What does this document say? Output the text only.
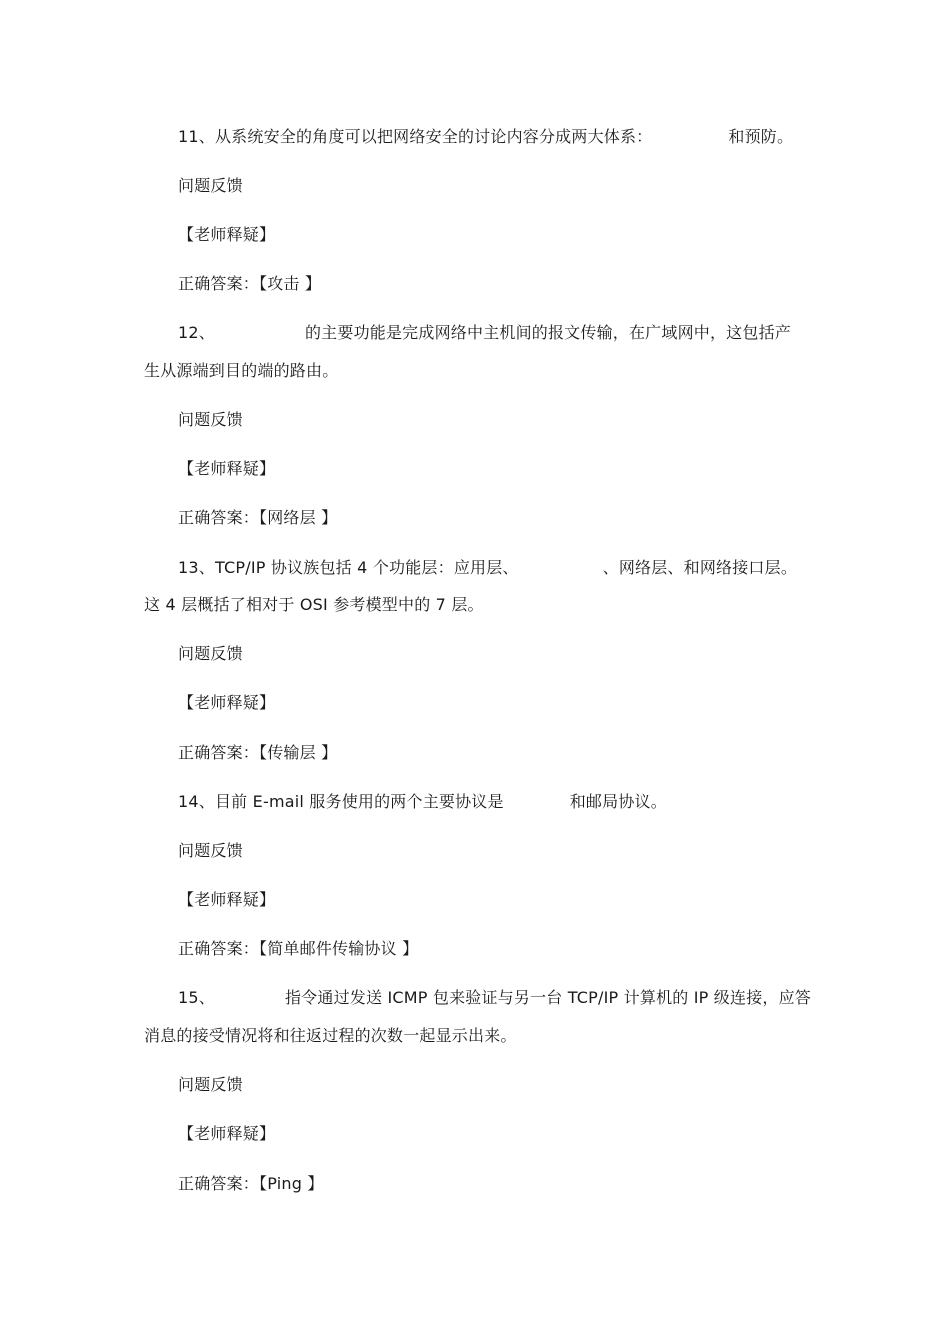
11、从系统安全的角度可以把网络安全的讨论内容分成两大体系：	和预防。
问题反馈
【老师释疑】
正确答案：【攻击 】
12、	的主要功能是完成网络中主机间的报文传输，在广域网中，这包括产
生从源端到目的端的路由。
问题反馈
【老师释疑】
正确答案：【网络层 】
13、TCP/IP 协议族包括 4 个功能层：应用层、	、网络层、和网络接口层。
这 4 层概括了相对于 OSI 参考模型中的 7 层。
问题反馈
【老师释疑】
正确答案：【传输层 】
14、目前 E-mail 服务使用的两个主要协议是	和邮局协议。
问题反馈
【老师释疑】
正确答案：【简单邮件传输协议 】
15、	指令通过发送 ICMP 包来验证与另一台 TCP/IP 计算机的 IP 级连接，应答
消息的接受情况将和往返过程的次数一起显示出来。
问题反馈
【老师释疑】
正确答案：【Ping 】
